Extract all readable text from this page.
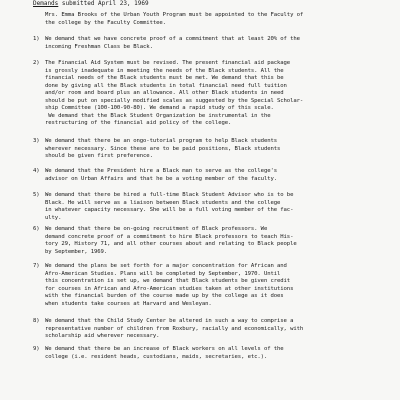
Demands submitted April 23, 1969
Mrs. Emma Brooks of the Urban Youth Program must be appointed to the Faculty of
the college by the Faculty Committee.
1) We demand that we have concrete proof of a commitment that at least 20% of the
incoming Freshman Class be Black.
2) The Financial Aid System must be revised. The present financial aid package
is grossly inadequate in meeting the needs of the Black students. All the
financial needs of the Black students must be met. We demand that this be
done by giving all the Black students in total financial need full tuition
and/or room and board plus an allowance. All other Black students in need
should be put on specially modified scales as suggested by the Special Scholar-
ship Committee (100-100-90-80). We demand a rapid study of this scale.
We demand that the Black Student Organization be instrumental in the
restructuring of the financial aid policy of the college.
3) We demand that there be an ongo-tutorial program to help Black students
wherever necessary. Since these are to be paid positions, Black students
should be given first preference.
4) We demand that the President hire a Black man to serve as the college's
advisor on Urban Affairs and that he be a voting member of the faculty.
5) We demand that there be hired a full-time Black Student Advisor who is to be
Black. He will serve as a liaison between Black students and the college
in whatever capacity necessary. She will be a full voting member of the fac-
ulty.
6) We demand that there be on-going recruitment of Black professors. We
demand concrete proof of a commitment to hire Black professors to teach His-
tory 29, History 71, and all other courses about and relating to Black people
by September, 1969.
7) We demand the plans be set forth for a major concentration for African and
Afro-American Studies. Plans will be completed by September, 1970. Until
this concentration is set up, we demand that Black students be given credit
for courses in African and Afro-American studies taken at other institutions
with the financial burden of the course made up by the college as it does
when students take courses at Harvard and Wesleyan.
8) We demand that the Child Study Center be altered in such a way to comprise a
representative number of children from Roxbury, racially and economically, with
scholarship aid wherever necessary.
9) We demand that there be an increase of Black workers on all levels of the
college (i.e. resident heads, custodians, maids, secretaries, etc.).
